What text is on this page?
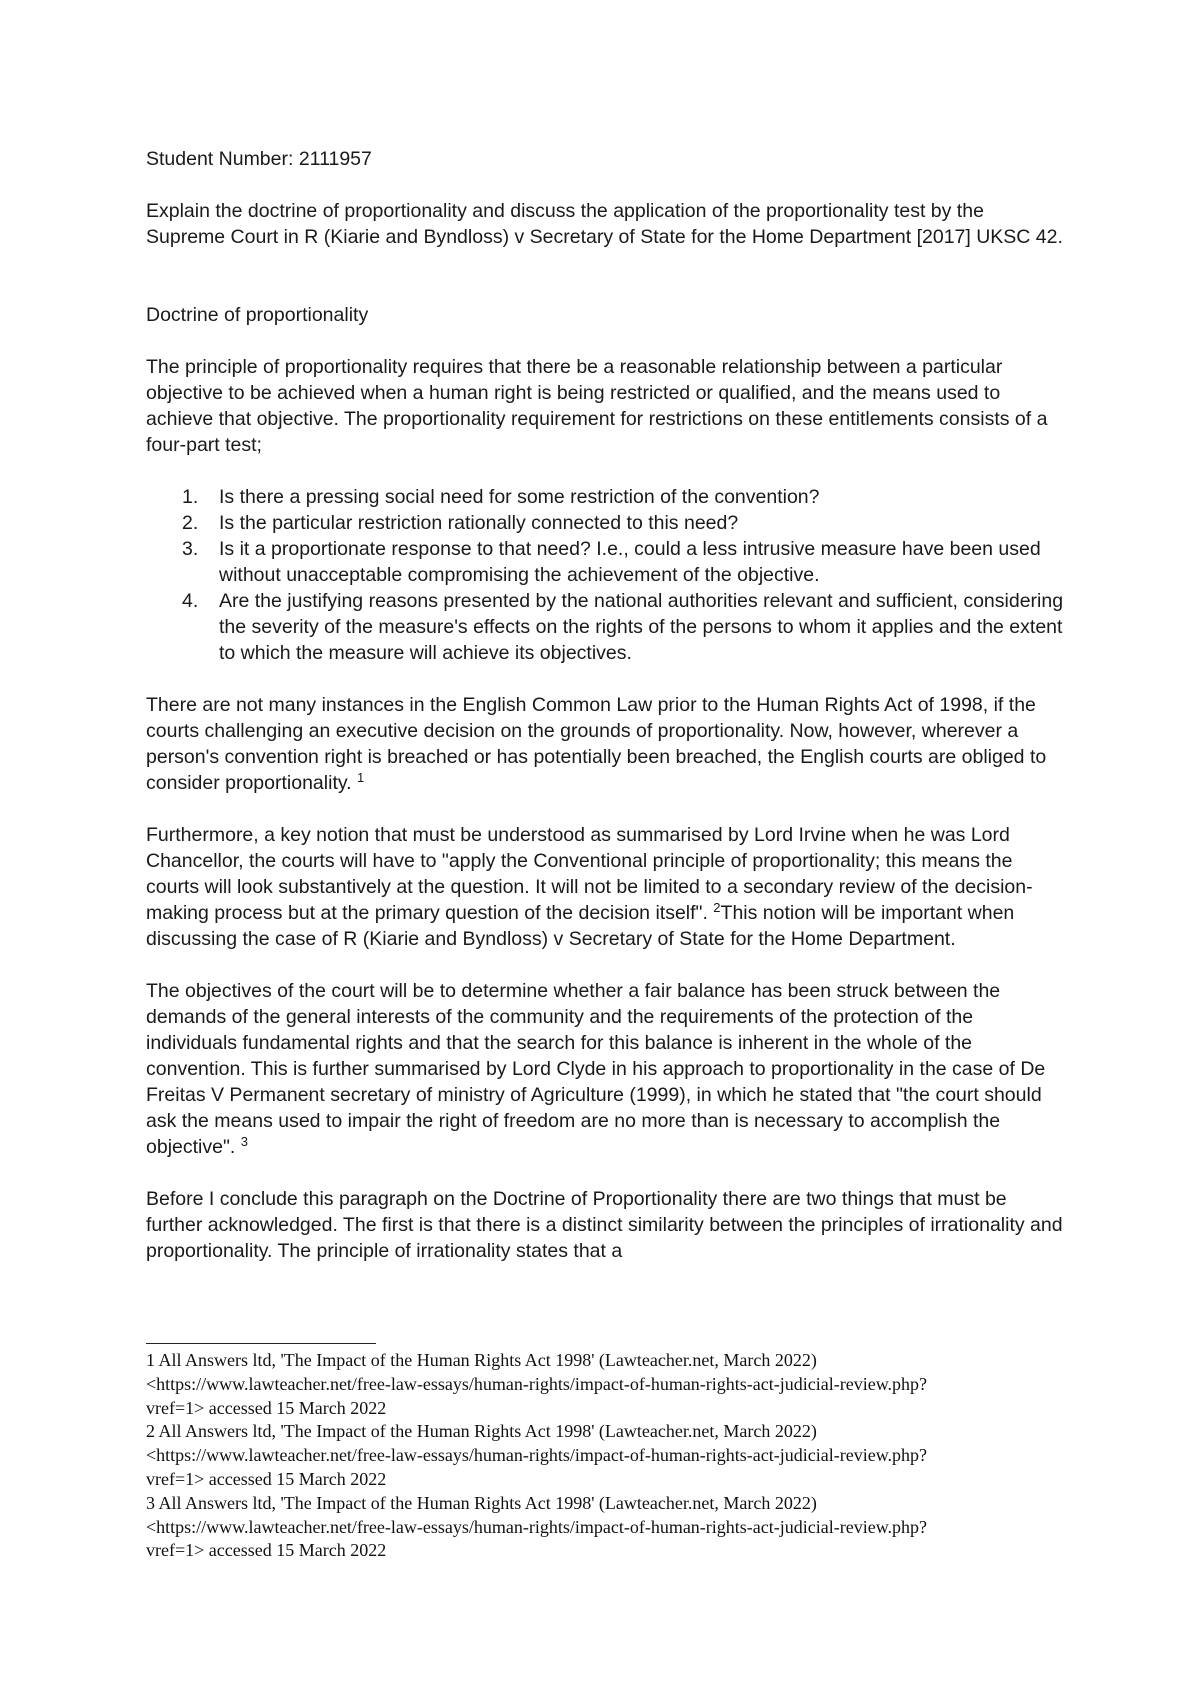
Student Number: 2111957

Explain the doctrine of proportionality and discuss the application of the proportionality test by the Supreme Court in R (Kiarie and Byndloss) v Secretary of State for the Home Department [2017] UKSC 42.

Doctrine of proportionality

The principle of proportionality requires that there be a reasonable relationship between a particular objective to be achieved when a human right is being restricted or qualified, and the means used to achieve that objective. The proportionality requirement for restrictions on these entitlements consists of a four-part test;

1. Is there a pressing social need for some restriction of the convention?
2. Is the particular restriction rationally connected to this need?
3. Is it a proportionate response to that need? I.e., could a less intrusive measure have been used without unacceptable compromising the achievement of the objective.
4. Are the justifying reasons presented by the national authorities relevant and sufficient, considering the severity of the measure's effects on the rights of the persons to whom it applies and the extent to which the measure will achieve its objectives.

There are not many instances in the English Common Law prior to the Human Rights Act of 1998, if the courts challenging an executive decision on the grounds of proportionality. Now, however, wherever a person's convention right is breached or has potentially been breached, the English courts are obliged to consider proportionality. $^1$

Furthermore, a key notion that must be understood as summarised by Lord Irvine when he was Lord Chancellor, the courts will have to "apply the Conventional principle of proportionality; this means the courts will look substantively at the question. It will not be limited to a secondary review of the decision-making process but at the primary question of the decision itself". $^2$This notion will be important when discussing the case of R (Kiarie and Byndloss) v Secretary of State for the Home Department.

The objectives of the court will be to determine whether a fair balance has been struck between the demands of the general interests of the community and the requirements of the protection of the individuals fundamental rights and that the search for this balance is inherent in the whole of the convention. This is further summarised by Lord Clyde in his approach to proportionality in the case of De Freitas V Permanent secretary of ministry of Agriculture (1999), in which he stated that "the court should ask the means used to impair the right of freedom are no more than is necessary to accomplish the objective". $^3$

Before I conclude this paragraph on the Doctrine of Proportionality there are two things that must be further acknowledged. The first is that there is a distinct similarity between the principles of irrationality and proportionality. The principle of irrationality states that a

1 All Answers ltd, 'The Impact of the Human Rights Act 1998' (Lawteacher.net, March 2022)
<https://www.lawteacher.net/free-law-essays/human-rights/impact-of-human-rights-act-judicial-review.php?
vref=1> accessed 15 March 2022
2 All Answers ltd, 'The Impact of the Human Rights Act 1998' (Lawteacher.net, March 2022)
<https://www.lawteacher.net/free-law-essays/human-rights/impact-of-human-rights-act-judicial-review.php?
vref=1> accessed 15 March 2022
3 All Answers ltd, 'The Impact of the Human Rights Act 1998' (Lawteacher.net, March 2022)
<https://www.lawteacher.net/free-law-essays/human-rights/impact-of-human-rights-act-judicial-review.php?
vref=1> accessed 15 March 2022
